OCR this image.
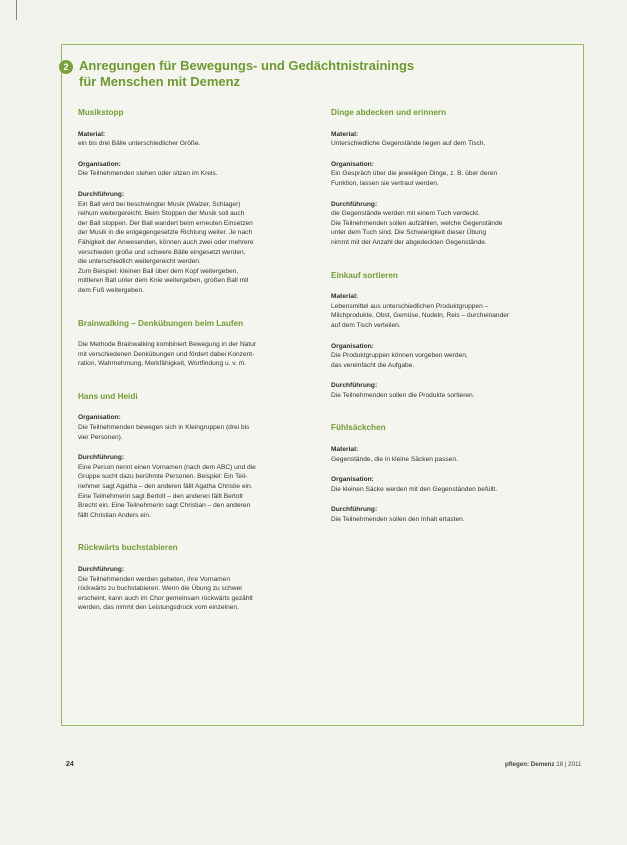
2 Anregungen für Bewegungs- und Gedächtnistrainings
für Menschen mit Demenz
Musikstopp
Material:
ein bis drei Bälle unterschiedlicher Größe.
Organisation:
Die Teilnehmenden stehen oder sitzen im Kreis.
Durchführung:
Ein Ball wird bei beschwingter Musik (Walzer, Schlager)
reihum weitergereicht. Beim Stoppen der Musik soll auch
der Ball stoppen. Der Ball wandert beim erneuten Einsetzen
der Musik in die entgegengesetzte Richtung weiter. Je nach
Fähigkeit der Anwesenden, können auch zwei oder mehrere
verschieden große und schwere Bälle eingesetzt werden,
die unterschiedlich weitergereicht werden.
Zum Beispiel: kleinen Ball über dem Kopf weitergeben,
mittleren Ball unter dem Knie weitergeben, großen Ball mit
dem Fuß weitergeben.
Brainwalking – Denkübungen beim Laufen
Die Methode Brainwalking kombiniert Bewegung in der Natur
mit verschiedenen Denkübungen und fördert dabei Konzent-
ration, Wahrnehmung, Merkfähigkeit, Wortfindung u. v. m.
Hans und Heidi
Organisation:
Die Teilnehmenden bewegen sich in Kleingruppen (drei bis
vier Personen).
Durchführung:
Eine Person nennt einen Vornamen (nach dem ABC) und die
Gruppe sucht dazu berühmte Personen. Beispiel: Ein Teil-
nehmer sagt Agatha – den anderen fällt Agatha Christie ein.
Eine Teilnehmerin sagt Bertolt – den anderen fällt Bertolt
Brecht ein. Eine Teilnehmerin sagt Christian – den anderen
fällt Christian Anders ein.
Rückwärts buchstabieren
Durchführung:
Die Teilnehmenden werden gebeten, ihre Vornamen
rückwärts zu buchstabieren. Wenn die Übung zu schwer
erscheint, kann auch im Chor gemeinsam rückwärts gezählt
werden, das nimmt den Leistungsdruck vom einzelnen.
Dinge abdecken und erinnern
Material:
Unterschiedliche Gegenstände liegen auf dem Tisch.
Organisation:
Ein Gespräch über die jeweiligen Dinge, z. B. über deren
Funktion, lassen sie vertraut werden.
Durchführung:
die Gegenstände werden mit einem Tuch verdeckt.
Die Teilnehmenden sollen aufzählen, welche Gegenstände
unter dem Tuch sind. Die Schwierigkeit dieser Übung
nimmt mit der Anzahl der abgedeckten Gegenstände.
Einkauf sortieren
Material:
Lebensmittel aus unterschiedlichen Produktgruppen –
Milchprodukte, Obst, Gemüse, Nudeln, Reis – durcheinander
auf dem Tisch verteilen.
Organisation:
Die Produktgruppen können vorgeben werden,
das vereinfacht die Aufgabe.
Durchführung:
Die Teilnehmenden sollen die Produkte sortieren.
Fühlsäckchen
Material:
Gegenstände, die in kleine Säcken passen.
Organisation:
Die kleinen Säcke werden mit den Gegenständen befüllt.
Durchführung:
Die Teilnehmenden sollen den Inhalt ertasten.
24	pflegen: Demenz 18 | 2011
